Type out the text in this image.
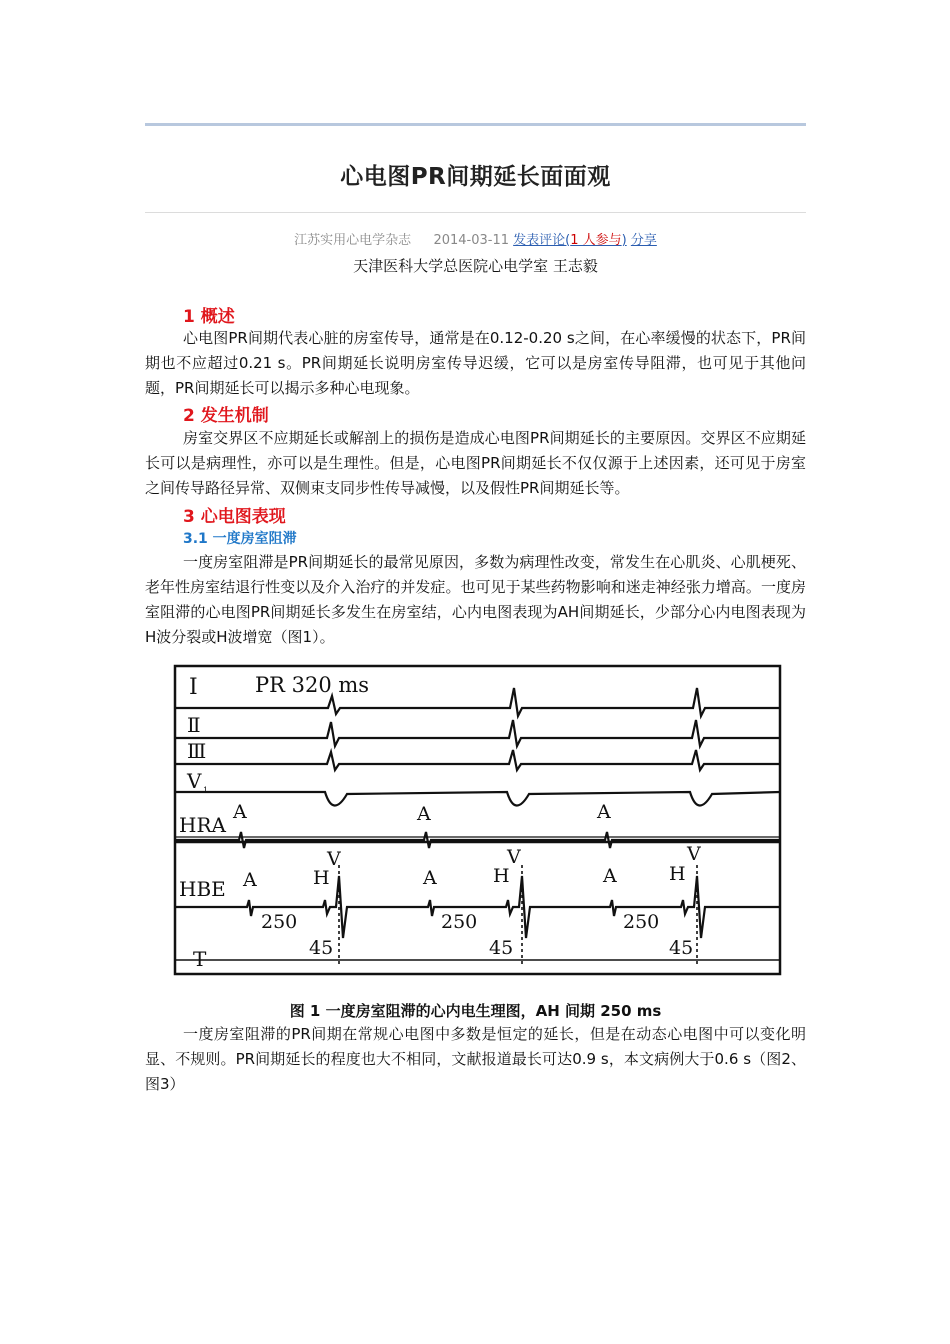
心电图PR间期延长面面观
江苏实用心电学杂志 2014-03-11 发表评论(1 人参与) 分享
天津医科大学总医院心电学室 王志毅
1 概述

心电图PR间期代表心脏的房室传导，通常是在0.12-0.20 s之间，在心率缓慢的状态下，PR间期也不应超过0.21 s。PR间期延长说明房室传导迟缓，它可以是房室传导阻滞，也可见于其他问题，PR间期延长可以揭示多种心电现象。

2 发生机制

房室交界区不应期延长或解剖上的损伤是造成心电图PR间期延长的主要原因。交界区不应期延长可以是病理性，亦可以是生理性。但是，心电图PR间期延长不仅仅源于上述因素，还可见于房室之间传导路径异常、双侧束支同步性传导减慢，以及假性PR间期延长等。

3 心电图表现
3.1 一度房室阻滞

一度房室阻滞是PR间期延长的最常见原因，多数为病理性改变，常发生在心肌炎、心肌梗死、老年性房室结退行性变以及介入治疗的并发症。也可见于某些药物影响和迷走神经张力增高。一度房室阻滞的心电图PR间期延长多发生在房室结，心内电图表现为AH间期延长，少部分心内电图表现为H波分裂或H波增宽（图1）。

I	PR 320 ms
Ⅱ
Ⅲ
V 1
HRA
HBE
T
A	A	A
A	H
V
250
45
A	H
V
250
45
A	H
V
250
45
图 1 一度房室阻滞的心内电生理图，AH 间期 250 ms

一度房室阻滞的PR间期在常规心电图中多数是恒定的延长，但是在动态心电图中可以变化明显、不规则。PR间期延长的程度也大不相同，文献报道最长可达0.9 s，本文病例大于0.6 s（图2、图3）
